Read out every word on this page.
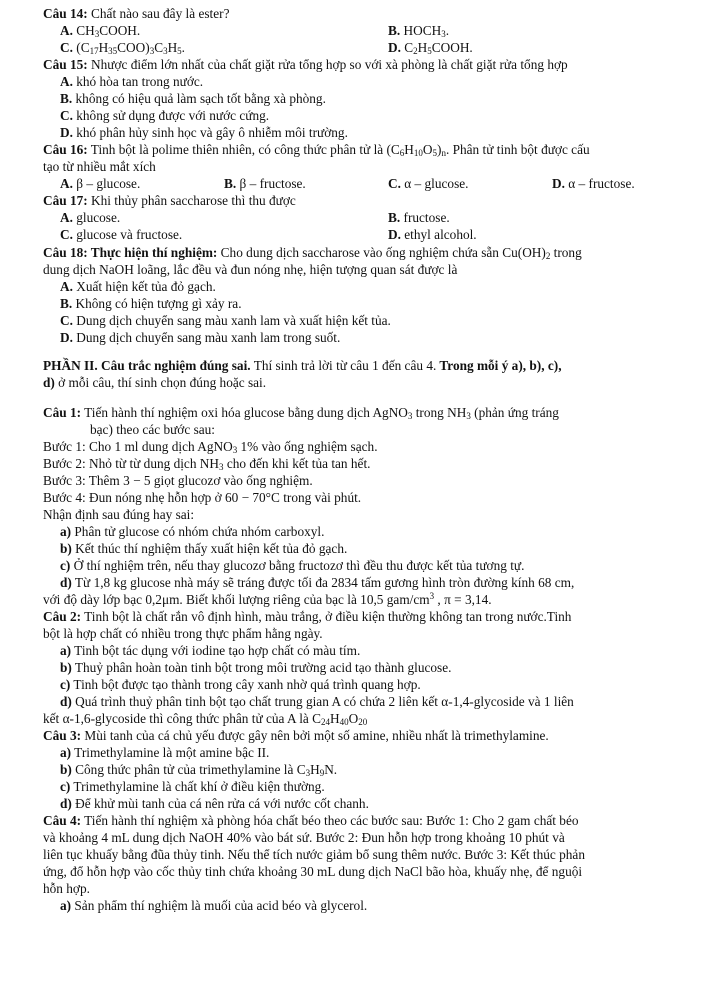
Câu 14: Chất nào sau đây là ester?
A. $CH_3COOH$.	B. $HOCH_3$.
C. $(C_{17}H_{35}COO)_3C_3H_5$.	D. $C_2H_5COOH$.
Câu 15: Nhược điểm lớn nhất của chất giặt rửa tổng hợp so với xà phòng là chất giặt rửa tổng hợp
A. khó hòa tan trong nước.
B. không có hiệu quả làm sạch tốt bằng xà phòng.
C. không sử dụng được với nước cứng.
D. khó phân hủy sinh học và gây ô nhiễm môi trường.
Câu 16: Tinh bột là polime thiên nhiên, có công thức phân tử là $(C_6H_{10}O_5)_n$. Phân tử tinh bột được cấu
tạo từ nhiều mắt xích
A. β – glucose.	B. β – fructose.	C. α – glucose.	D. α – fructose.
Câu 17: Khi thủy phân saccharose thì thu được
A. glucose.	B. fructose.
C. glucose và fructose.	D. ethyl alcohol.
Câu 18: Thực hiện thí nghiệm: Cho dung dịch saccharose vào ống nghiệm chứa sẵn $Cu(OH)_2$ trong
dung dịch NaOH loãng, lắc đều và đun nóng nhẹ, hiện tượng quan sát được là
A. Xuất hiện kết tủa đỏ gạch.
B. Không có hiện tượng gì xảy ra.
C. Dung dịch chuyển sang màu xanh lam và xuất hiện kết tủa.
D. Dung dịch chuyển sang màu xanh lam trong suốt.
PHẦN II. Câu trắc nghiệm đúng sai. Thí sinh trả lời từ câu 1 đến câu 4. Trong mỗi ý a), b), c),
d) ở mỗi câu, thí sinh chọn đúng hoặc sai.
Câu 1: Tiến hành thí nghiệm oxi hóa glucose bằng dung dịch AgNO$_3$ trong $NH_3$ (phản ứng tráng
bạc) theo các bước sau:
Bước 1: Cho 1 ml dung dịch AgNO$_3$ 1% vào ống nghiệm sạch.
Bước 2: Nhỏ từ từ dung dịch $NH_3$ cho đến khi kết tủa tan hết.
Bước 3: Thêm 3 − 5 giọt glucozơ vào ống nghiệm.
Bước 4: Đun nóng nhẹ hỗn hợp ở 60 − 70°C trong vài phút.
Nhận định sau đúng hay sai:
a) Phân tử glucose có nhóm chứa nhóm carboxyl.
b) Kết thúc thí nghiệm thấy xuất hiện kết tủa đỏ gạch.
c) Ở thí nghiệm trên, nếu thay glucozơ bằng fructozơ thì đều thu được kết tủa tương tự.
d) Từ 1,8 kg glucose nhà máy sẽ tráng được tối đa 2834 tấm gương hình tròn đường kính 68 cm,
với độ dày lớp bạc 0,2μm. Biết khối lượng riêng của bạc là 10,5 gam/$cm^3$ , π = 3,14.
Câu 2: Tinh bột là chất rắn vô định hình, màu trắng, ở điều kiện thường không tan trong nước.Tinh
bột là hợp chất có nhiều trong thực phẩm hằng ngày.
a) Tinh bột tác dụng với iodine tạo hợp chất có màu tím.
b) Thuỷ phân hoàn toàn tinh bột trong môi trường acid tạo thành glucose.
c) Tinh bột được tạo thành trong cây xanh nhờ quá trình quang hợp.
d) Quá trình thuỷ phân tinh bột tạo chất trung gian A có chứa 2 liên kết α-1,4-glycoside và 1 liên
kết α-1,6-glycoside thì công thức phân tử của A là $C_{24}H_{40}O_{20}$
Câu 3: Mùi tanh của cá chủ yếu được gây nên bởi một số amine, nhiều nhất là trimethylamine.
a) Trimethylamine là một amine bậc II.
b) Công thức phân tử của trimethylamine là $C_3H_9N$.
c) Trimethylamine là chất khí ở điều kiện thường.
d) Để khử mùi tanh của cá nên rửa cá với nước cốt chanh.
Câu 4: Tiến hành thí nghiệm xà phòng hóa chất béo theo các bước sau: Bước 1: Cho 2 gam chất béo
và khoảng 4 mL dung dịch NaOH 40% vào bát sứ. Bước 2: Đun hỗn hợp trong khoảng 10 phút và
liên tục khuấy bằng đũa thủy tinh. Nếu thể tích nước giảm bổ sung thêm nước. Bước 3: Kết thúc phản
ứng, đổ hỗn hợp vào cốc thủy tinh chứa khoảng 30 mL dung dịch NaCl bão hòa, khuấy nhẹ, để nguội
hỗn hợp.
a) Sản phẩm thí nghiệm là muối của acid béo và glycerol.
